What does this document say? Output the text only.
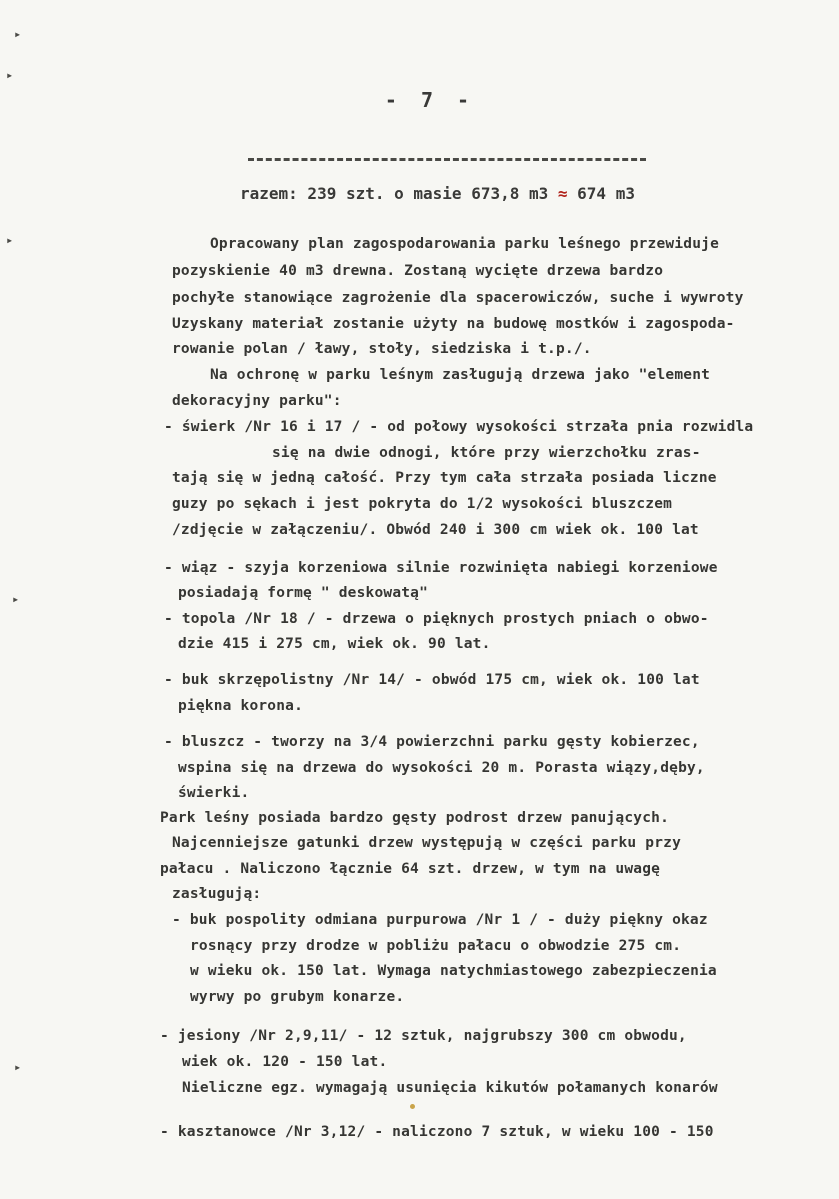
▸
▸
▸
▸
▸
- 7 -
razem: 239 szt. o masie 673,8 m3 ≈ 674 m3
Opracowany plan zagospodarowania parku leśnego przewiduje
pozyskienie 40 m3 drewna. Zostaną wycięte drzewa bardzo
pochyłe stanowiące zagrożenie dla spacerowiczów, suche i wywroty
Uzyskany materiał zostanie użyty na budowę mostków i zagospoda-
rowanie polan / ławy, stoły, siedziska i t.p./.
Na ochronę w parku leśnym zasługują drzewa jako "element
dekoracyjny parku":
- świerk /Nr 16 i 17 / - od połowy wysokości strzała pnia rozwidla
się na dwie odnogi, które przy wierzchołku zras-
tają się w jedną całość. Przy tym cała strzała posiada liczne
guzy po sękach i jest pokryta do 1/2 wysokości bluszczem
/zdjęcie w załączeniu/. Obwód 240 i 300 cm wiek ok. 100 lat
- wiąz - szyja korzeniowa silnie rozwinięta nabiegi korzeniowe
posiadają formę " deskowatą"
- topola /Nr 18 / - drzewa o pięknych prostych pniach o obwo-
dzie 415 i 275 cm, wiek ok. 90 lat.
- buk skrzępolistny /Nr 14/ - obwód 175 cm, wiek ok. 100 lat
piękna korona.
- bluszcz - tworzy na 3/4 powierzchni parku gęsty kobierzec,
wspina się na drzewa do wysokości 20 m. Porasta wiązy,dęby,
świerki.
Park leśny posiada bardzo gęsty podrost drzew panujących.
Najcenniejsze gatunki drzew występują w części parku przy
pałacu . Naliczono łącznie 64 szt. drzew, w tym na uwagę
zasługują:
- buk pospolity odmiana purpurowa /Nr 1 / - duży piękny okaz
rosnący przy drodze w pobliżu pałacu o obwodzie 275 cm.
w wieku ok. 150 lat. Wymaga natychmiastowego zabezpieczenia
wyrwy po grubym konarze.
- jesiony /Nr 2,9,11/ - 12 sztuk, najgrubszy 300 cm obwodu,
wiek ok. 120 - 150 lat.
Nieliczne egz. wymagają usunięcia kikutów połamanych konarów
- kasztanowce /Nr 3,12/ - naliczono 7 sztuk, w wieku 100 - 150
